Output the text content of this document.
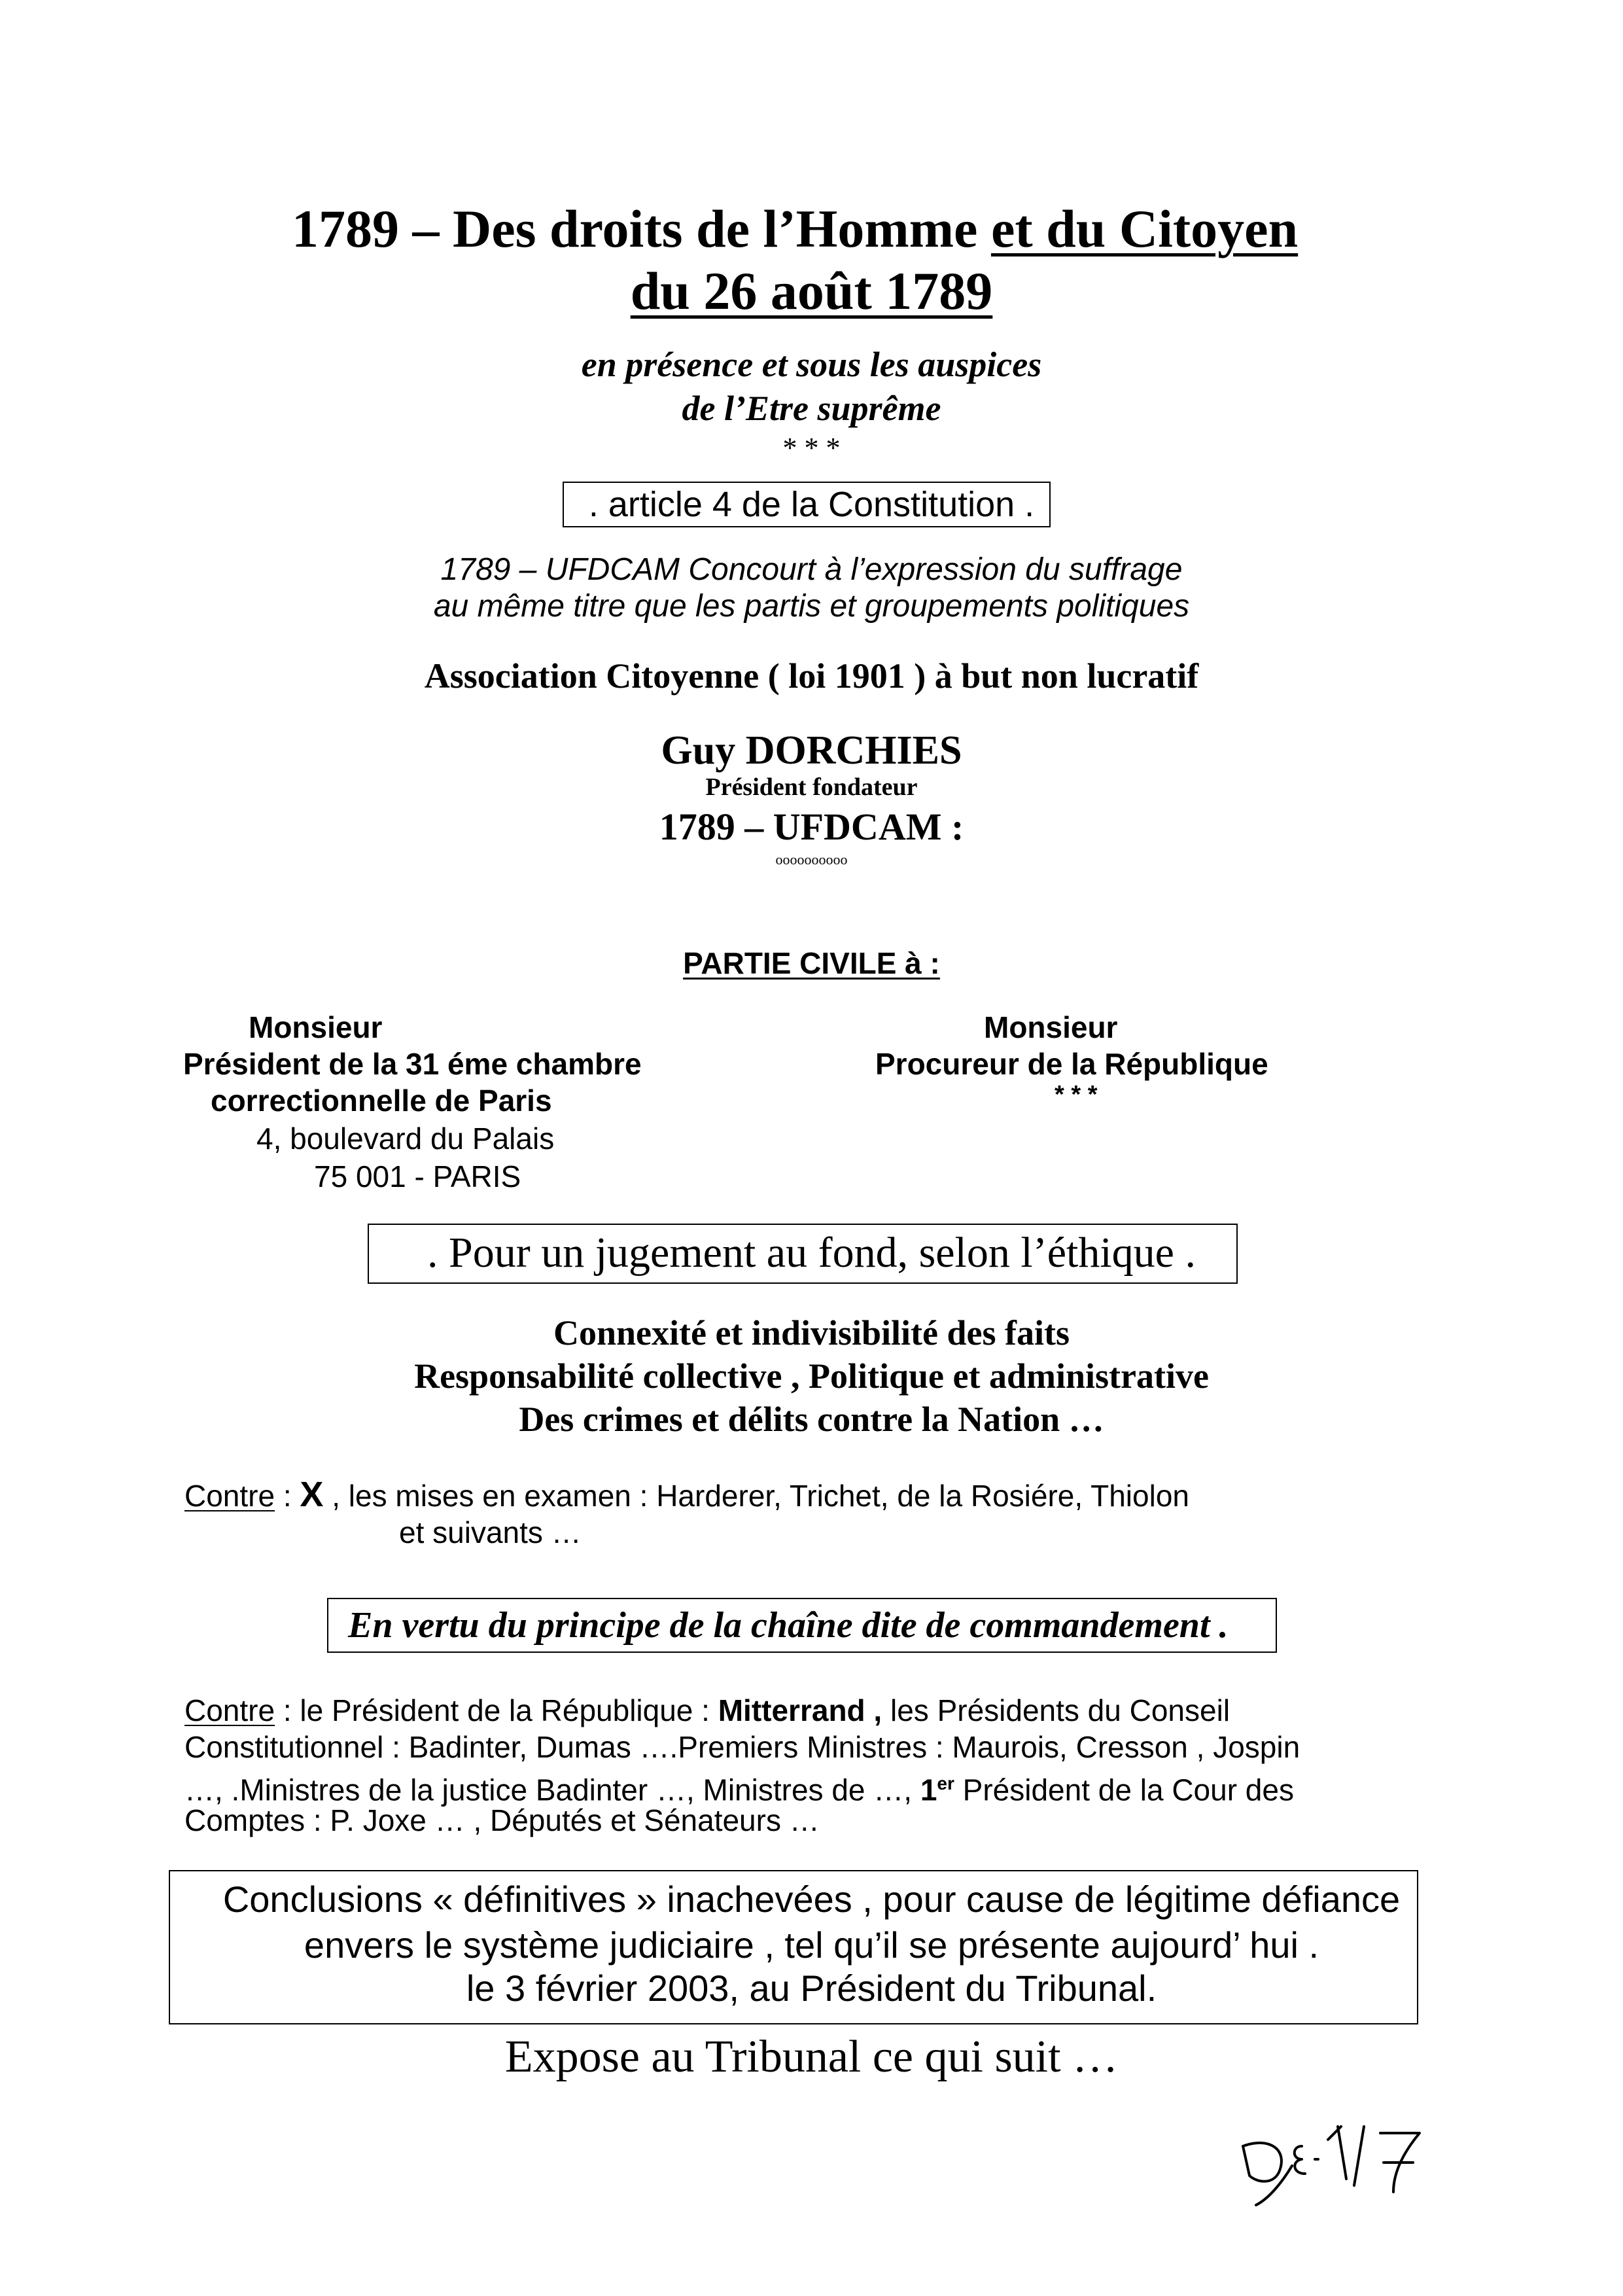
1789 – Des droits de l’Homme et du Citoyen
du 26 août 1789
en présence et sous les auspices
de l’Etre suprême
* * *
. article 4 de la Constitution .
1789 – UFDCAM Concourt à l’expression du suffrage
au même titre que les partis et groupements politiques
Association Citoyenne ( loi 1901 ) à but non lucratif
Guy DORCHIES
Président fondateur
1789 – UFDCAM :
oooooooooo
PARTIE CIVILE à :
Monsieur
Président de la 31 éme chambre
correctionnelle de Paris
4, boulevard du Palais
75 001 - PARIS
Monsieur
Procureur de la République
* * *
. Pour un jugement au fond, selon l’éthique .
Connexité et indivisibilité des faits
Responsabilité collective , Politique et administrative
Des crimes et délits contre la Nation …
Contre : X , les mises en examen : Harderer, Trichet, de la Rosiére, Thiolon
et suivants …
En vertu du principe de la chaîne dite de commandement .
Contre : le Président de la République : Mitterrand , les Présidents du Conseil
Constitutionnel : Badinter, Dumas ….Premiers Ministres : Maurois, Cresson , Jospin
…, .Ministres de la justice Badinter …, Ministres de …, 1er Président de la Cour des
Comptes : P. Joxe … , Députés et Sénateurs …
Conclusions « définitives » inachevées , pour cause de légitime défiance
envers le système judiciaire , tel qu’il se présente aujourd’ hui .
le 3 février 2003, au Président du Tribunal.
Expose au Tribunal ce qui suit …
